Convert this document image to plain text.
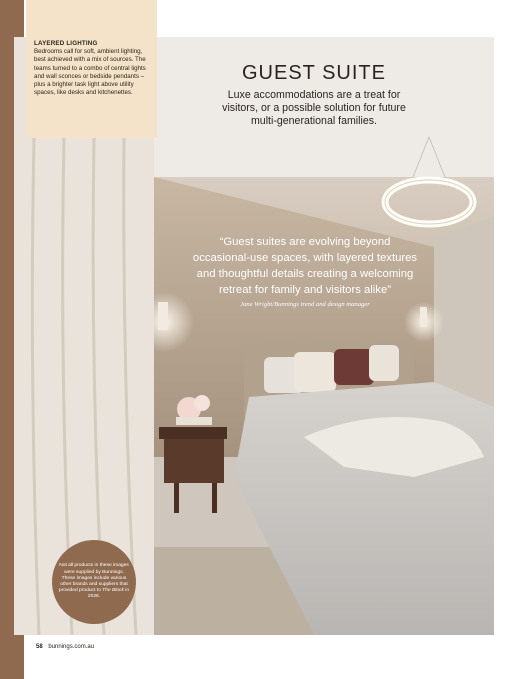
LAYERED LIGHTING

Bedrooms call for soft, ambient lighting, best achieved with a mix of sources. The teams turned to a combo of central lights and wall sconces or bedside pendants – plus a brighter task light above utility spaces, like desks and kitchenettes.

GUEST SUITE

Luxe accommodations are a treat for visitors, or a possible solution for future multi-generational families.

“Guest suites are evolving beyond occasional-use spaces, with layered textures and thoughtful details creating a welcoming retreat for family and visitors alike”

Jane Wright/Bunnings trend and design manager
Not all products in these images were supplied by Bunnings. These images include various other brands and suppliers that provided product to The Block in 2026.
58 bunnings.com.au
